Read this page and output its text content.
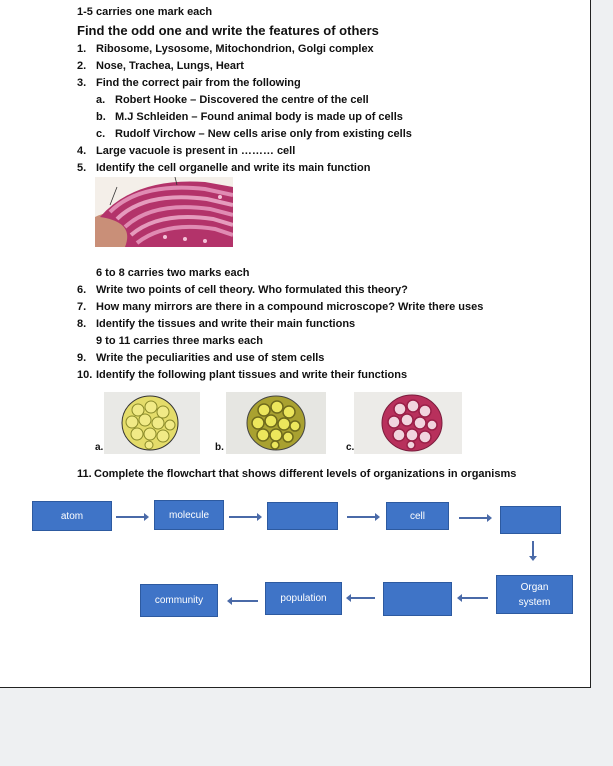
1-5 carries one mark each
Find the odd one and write the features of others
1. Ribosome, Lysosome, Mitochondrion, Golgi complex
2. Nose, Trachea, Lungs, Heart
3. Find the correct pair from the following
a. Robert Hooke – Discovered the centre of the cell
b. M.J Schleiden – Found animal body is made up of cells
c. Rudolf Virchow – New cells arise only from existing cells
4. Large vacuole is present in ……… cell
5. Identify the cell organelle and write its main function
6 to 8 carries two marks each
6. Write two points of cell theory. Who formulated this theory?
7. How many mirrors are there in a compound microscope? Write there uses
8. Identify the tissues and write their main functions
9 to 11 carries three marks each
9. Write the peculiarities and use of stem cells
10. Identify the following plant tissues and write their functions
a.	b.	c.
11. Complete the flowchart that shows different levels of organizations in organisms
atom	molecule	cell
Organ
system
population
community
